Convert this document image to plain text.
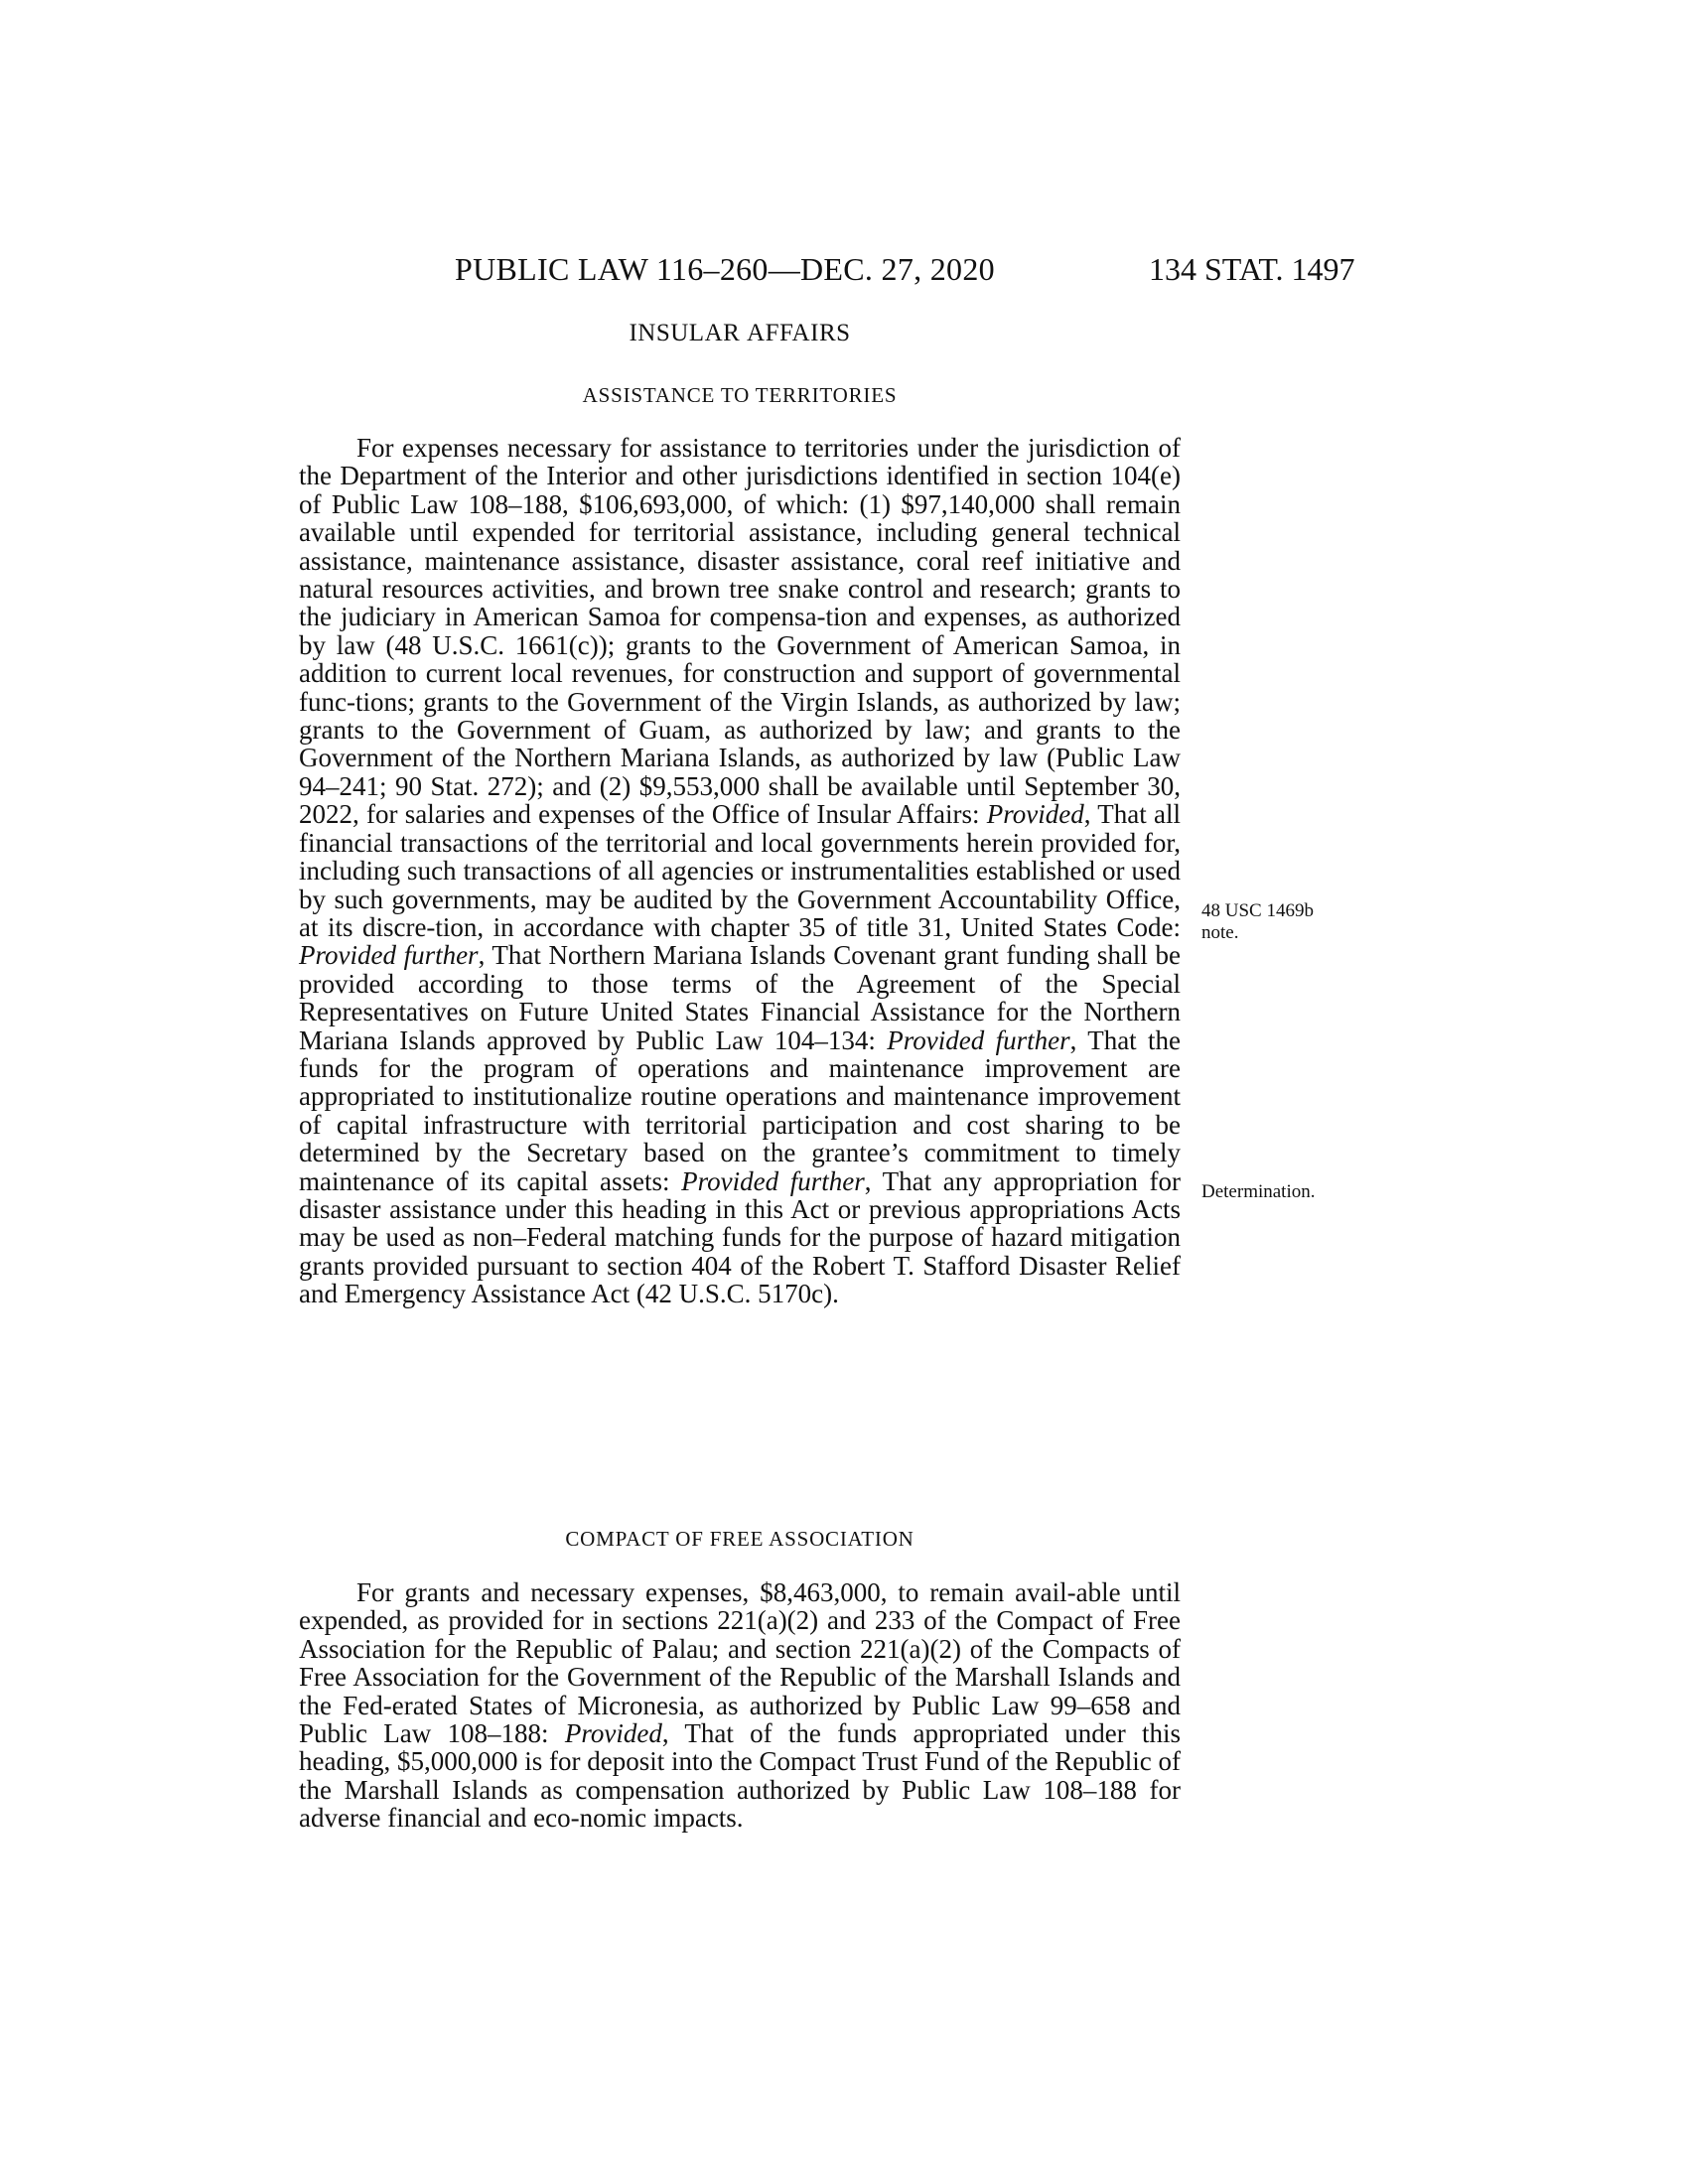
PUBLIC LAW 116–260—DEC. 27, 2020	134 STAT. 1497
INSULAR AFFAIRS
ASSISTANCE TO TERRITORIES

For expenses necessary for assistance to territories under the jurisdiction of the Department of the Interior and other jurisdictions identified in section 104(e) of Public Law 108–188, $106,693,000, of which: (1) $97,140,000 shall remain available until expended for territorial assistance, including general technical assistance, maintenance assistance, disaster assistance, coral reef initiative and natural resources activities, and brown tree snake control and research; grants to the judiciary in American Samoa for compensa-tion and expenses, as authorized by law (48 U.S.C. 1661(c)); grants to the Government of American Samoa, in addition to current local revenues, for construction and support of governmental func-tions; grants to the Government of the Virgin Islands, as authorized by law; grants to the Government of Guam, as authorized by law; and grants to the Government of the Northern Mariana Islands, as authorized by law (Public Law 94–241; 90 Stat. 272); and (2) $9,553,000 shall be available until September 30, 2022, for salaries and expenses of the Office of Insular Affairs: Provided, That all financial transactions of the territorial and local governments herein provided for, including such transactions of all agencies or instrumentalities established or used by such governments, may be audited by the Government Accountability Office, at its discre-tion, in accordance with chapter 35 of title 31, United States Code: Provided further, That Northern Mariana Islands Covenant grant funding shall be provided according to those terms of the Agreement of the Special Representatives on Future United States Financial Assistance for the Northern Mariana Islands approved by Public Law 104–134: Provided further, That the funds for the program of operations and maintenance improvement are appropriated to institutionalize routine operations and maintenance improvement of capital infrastructure with territorial participation and cost sharing to be determined by the Secretary based on the grantee’s commitment to timely maintenance of its capital assets: Provided further, That any appropriation for disaster assistance under this heading in this Act or previous appropriations Acts may be used as non–Federal matching funds for the purpose of hazard mitigation grants provided pursuant to section 404 of the Robert T. Stafford Disaster Relief and Emergency Assistance Act (42 U.S.C. 5170c).

48 USC 1469b
note.
Determination.
COMPACT OF FREE ASSOCIATION

For grants and necessary expenses, $8,463,000, to remain avail-able until expended, as provided for in sections 221(a)(2) and 233 of the Compact of Free Association for the Republic of Palau; and section 221(a)(2) of the Compacts of Free Association for the Government of the Republic of the Marshall Islands and the Fed-erated States of Micronesia, as authorized by Public Law 99–658 and Public Law 108–188: Provided, That of the funds appropriated under this heading, $5,000,000 is for deposit into the Compact Trust Fund of the Republic of the Marshall Islands as compensation authorized by Public Law 108–188 for adverse financial and eco-nomic impacts.
